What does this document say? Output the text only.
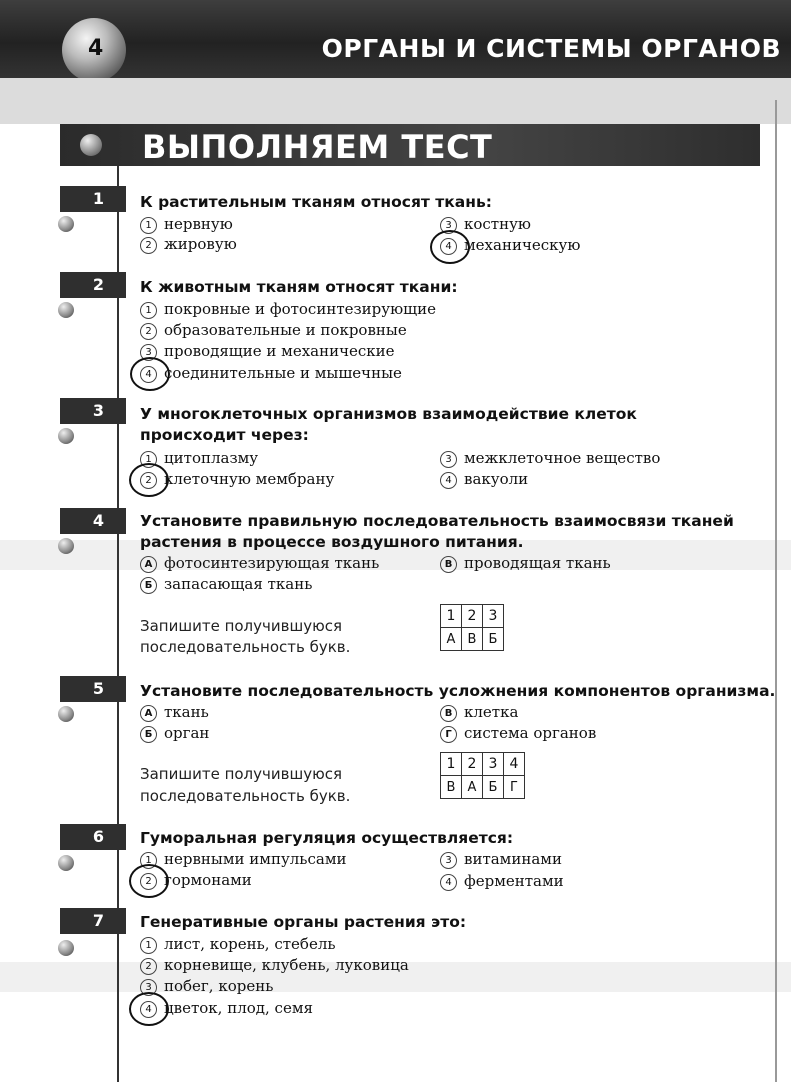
4	ОРГАНЫ И СИСТЕМЫ ОРГАНОВ
ВЫПОЛНЯЕМ ТЕСТ
1 К растительным тканям относят ткань:
1 нервную	3 костную
2 жировую	4 механическую
2 К животным тканям относят ткани:
1 покровные и фотосинтезирующие
2 образовательные и покровные
3 проводящие и механические
4 соединительные и мышечные
3 У многоклеточных организмов взаимодействие клеток
происходит через:
1 цитоплазму	3 межклеточное вещество
2 клеточную мембрану	4 вакуоли
4 Установите правильную последовательность взаимосвязи тканей
растения в процессе воздушного питания.
А фотосинтезирующая ткань	В проводящая ткань
Б запасающая ткань
Запишите получившуюся
последовательность букв.
1	2	3
А	В	Б
5 Установите последовательность усложнения компонентов организма.
А ткань	В клетка
Б орган	Г система органов
Запишите получившуюся
последовательность букв.
1	2	3	4
В	А	Б	Г
6 Гуморальная регуляция осуществляется:
1 нервными импульсами	3 витаминами
2 гормонами	4 ферментами
7 Генеративные органы растения это:
1 лист, корень, стебель
2 корневище, клубень, луковица
3 побег, корень
4 цветок, плод, семя
